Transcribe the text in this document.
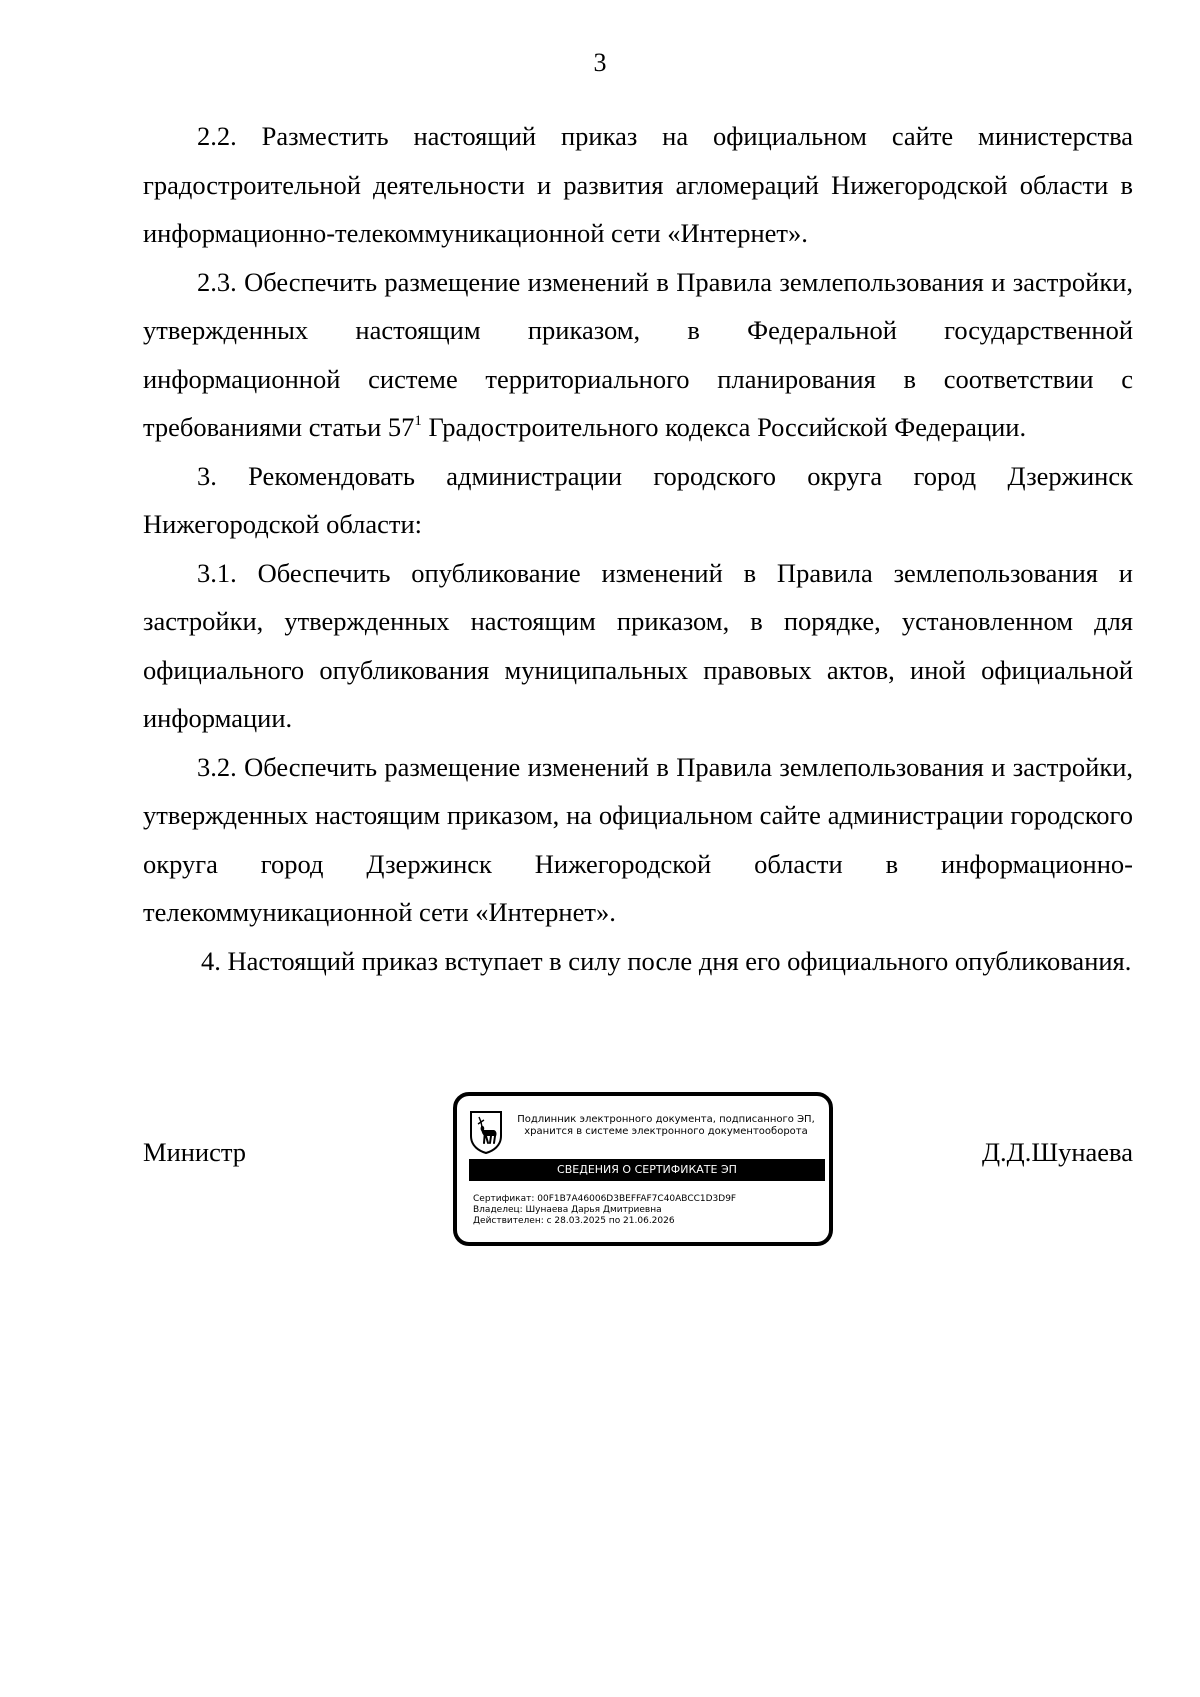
3

2.2. Разместить настоящий приказ на официальном сайте министерства градостроительной деятельности и развития агломераций Нижегородской области в информационно-телекоммуникационной сети «Интернет».

2.3. Обеспечить размещение изменений в Правила землепользования и застройки, утвержденных настоящим приказом, в Федеральной государственной информационной системе территориального планирования в соответствии с требованиями статьи $57^1$ Градостроительного кодекса Российской Федерации.

3. Рекомендовать администрации городского округа город Дзержинск Нижегородской области:

3.1. Обеспечить опубликование изменений в Правила землепользования и застройки, утвержденных настоящим приказом, в порядке, установленном для официального опубликования муниципальных правовых актов, иной официальной информации.

3.2. Обеспечить размещение изменений в Правила землепользования и застройки, утвержденных настоящим приказом, на официальном сайте администрации городского округа город Дзержинск Нижегородской области в информационно-телекоммуникационной сети «Интернет».

4. Настоящий приказ вступает в силу после дня его официального опубликования.

Министр
Подлинник электронного документа, подписанного ЭП,
хранится в системе электронного документооборота
СВЕДЕНИЯ О СЕРТИФИКАТЕ ЭП
Сертификат: 00F1B7A46006D3BEFFAF7C40ABCC1D3D9F
Владелец: Шунаева Дарья Дмитриевна
Действителен: с 28.03.2025 по 21.06.2026
Д.Д.Шунаева
